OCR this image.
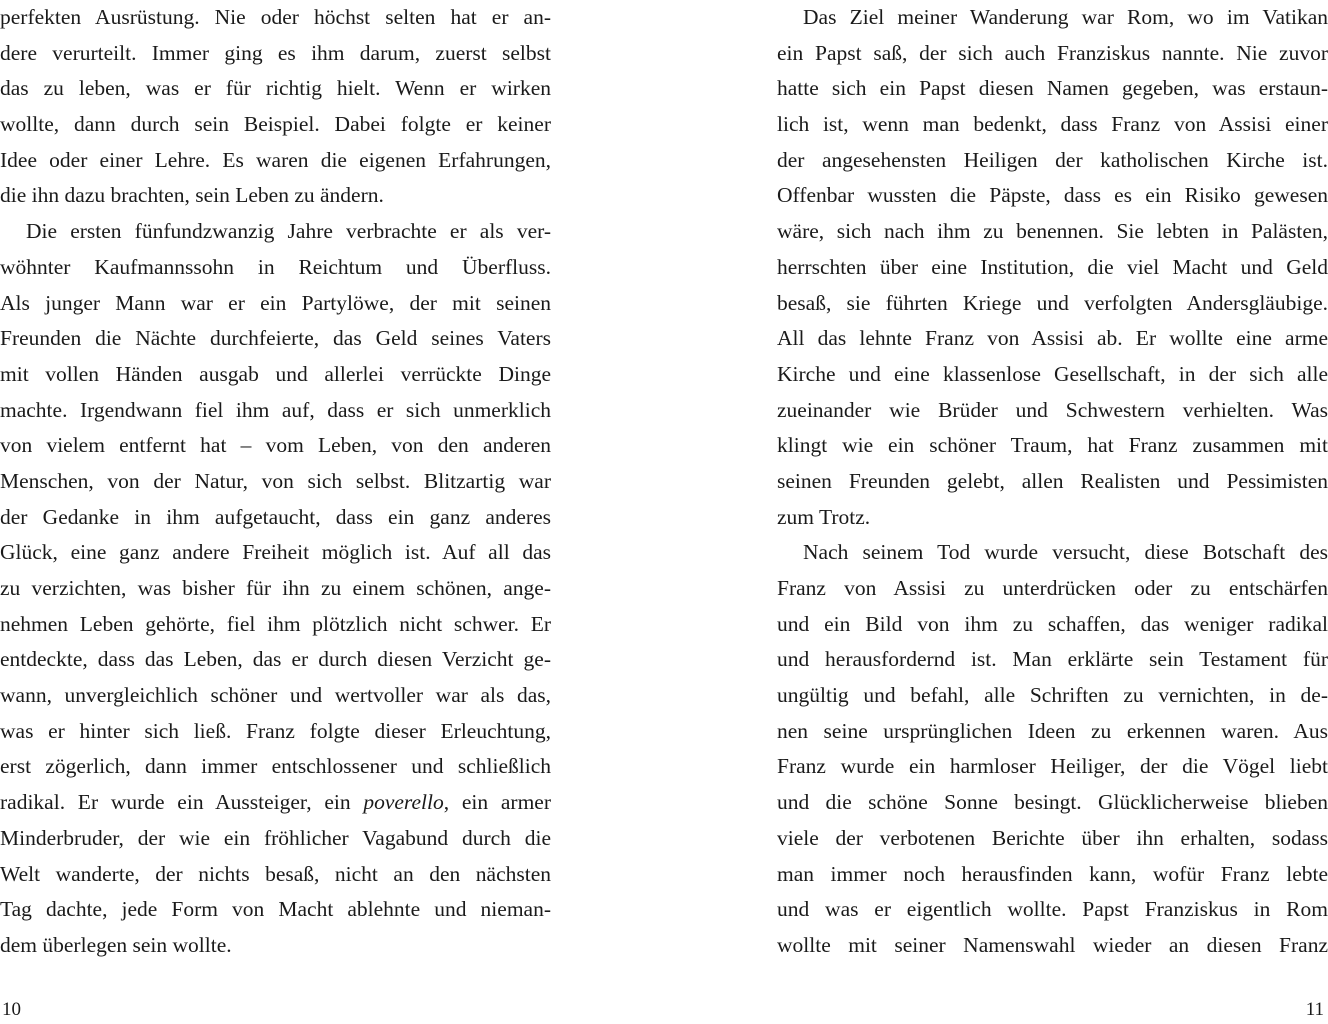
perfekten Ausrüstung. Nie oder höchst selten hat er an-
dere verurteilt. Immer ging es ihm darum, zuerst selbst
das zu leben, was er für richtig hielt. Wenn er wirken
wollte, dann durch sein Beispiel. Dabei folgte er keiner
Idee oder einer Lehre. Es waren die eigenen Erfahrungen,
die ihn dazu brachten, sein Leben zu ändern.
Die ersten fünfundzwanzig Jahre verbrachte er als ver-
wöhnter Kaufmannssohn in Reichtum und Überfluss.
Als junger Mann war er ein Partylöwe, der mit seinen
Freunden die Nächte durchfeierte, das Geld seines Vaters
mit vollen Händen ausgab und allerlei verrückte Dinge
machte. Irgendwann fiel ihm auf, dass er sich unmerklich
von vielem entfernt hat – vom Leben, von den anderen
Menschen, von der Natur, von sich selbst. Blitzartig war
der Gedanke in ihm aufgetaucht, dass ein ganz anderes
Glück, eine ganz andere Freiheit möglich ist. Auf all das
zu verzichten, was bisher für ihn zu einem schönen, ange-
nehmen Leben gehörte, fiel ihm plötzlich nicht schwer. Er
entdeckte, dass das Leben, das er durch diesen Verzicht ge-
wann, unvergleichlich schöner und wertvoller war als das,
was er hinter sich ließ. Franz folgte dieser Erleuchtung,
erst zögerlich, dann immer entschlossener und schließlich
radikal. Er wurde ein Aussteiger, ein poverello, ein armer
Minderbruder, der wie ein fröhlicher Vagabund durch die
Welt wanderte, der nichts besaß, nicht an den nächsten
Tag dachte, jede Form von Macht ablehnte und nieman-
dem überlegen sein wollte.
Das Ziel meiner Wanderung war Rom, wo im Vatikan
ein Papst saß, der sich auch Franziskus nannte. Nie zuvor
hatte sich ein Papst diesen Namen gegeben, was erstaun-
lich ist, wenn man bedenkt, dass Franz von Assisi einer
der angesehensten Heiligen der katholischen Kirche ist.
Offenbar wussten die Päpste, dass es ein Risiko gewesen
wäre, sich nach ihm zu benennen. Sie lebten in Palästen,
herrschten über eine Institution, die viel Macht und Geld
besaß, sie führten Kriege und verfolgten Andersgläubige.
All das lehnte Franz von Assisi ab. Er wollte eine arme
Kirche und eine klassenlose Gesellschaft, in der sich alle
zueinander wie Brüder und Schwestern verhielten. Was
klingt wie ein schöner Traum, hat Franz zusammen mit
seinen Freunden gelebt, allen Realisten und Pessimisten
zum Trotz.
Nach seinem Tod wurde versucht, diese Botschaft des
Franz von Assisi zu unterdrücken oder zu entschärfen
und ein Bild von ihm zu schaffen, das weniger radikal
und herausfordernd ist. Man erklärte sein Testament für
ungültig und befahl, alle Schriften zu vernichten, in de-
nen seine ursprünglichen Ideen zu erkennen waren. Aus
Franz wurde ein harmloser Heiliger, der die Vögel liebt
und die schöne Sonne besingt. Glücklicherweise blieben
viele der verbotenen Berichte über ihn erhalten, sodass
man immer noch herausfinden kann, wofür Franz lebte
und was er eigentlich wollte. Papst Franziskus in Rom
wollte mit seiner Namenswahl wieder an diesen Franz
10	11
